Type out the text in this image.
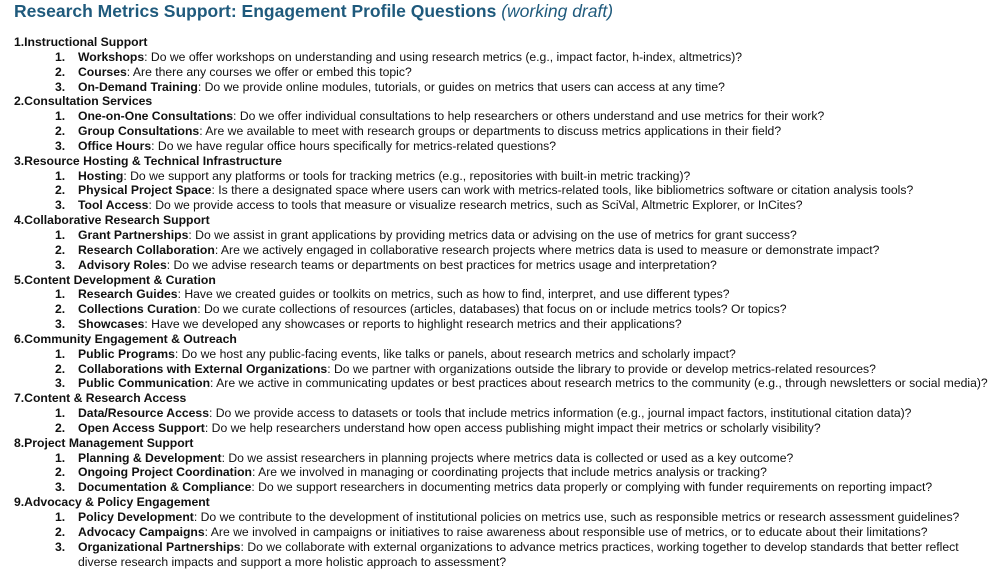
Research Metrics Support: Engagement Profile Questions (working draft)
1.Instructional Support
1. Workshops: Do we offer workshops on understanding and using research metrics (e.g., impact factor, h-index, altmetrics)?
2. Courses: Are there any courses we offer or embed this topic?
3. On-Demand Training: Do we provide online modules, tutorials, or guides on metrics that users can access at any time?
2.Consultation Services
1. One-on-One Consultations: Do we offer individual consultations to help researchers or others understand and use metrics for their work?
2. Group Consultations: Are we available to meet with research groups or departments to discuss metrics applications in their field?
3. Office Hours: Do we have regular office hours specifically for metrics-related questions?
3.Resource Hosting & Technical Infrastructure
1. Hosting: Do we support any platforms or tools for tracking metrics (e.g., repositories with built-in metric tracking)?
2. Physical Project Space: Is there a designated space where users can work with metrics-related tools, like bibliometrics software or citation analysis tools?
3. Tool Access: Do we provide access to tools that measure or visualize research metrics, such as SciVal, Altmetric Explorer, or InCites?
4.Collaborative Research Support
1. Grant Partnerships: Do we assist in grant applications by providing metrics data or advising on the use of metrics for grant success?
2. Research Collaboration: Are we actively engaged in collaborative research projects where metrics data is used to measure or demonstrate impact?
3. Advisory Roles: Do we advise research teams or departments on best practices for metrics usage and interpretation?
5.Content Development & Curation
1. Research Guides: Have we created guides or toolkits on metrics, such as how to find, interpret, and use different types?
2. Collections Curation: Do we curate collections of resources (articles, databases) that focus on or include metrics tools? Or topics?
3. Showcases: Have we developed any showcases or reports to highlight research metrics and their applications?
6.Community Engagement & Outreach
1. Public Programs: Do we host any public-facing events, like talks or panels, about research metrics and scholarly impact?
2. Collaborations with External Organizations: Do we partner with organizations outside the library to provide or develop metrics-related resources?
3. Public Communication: Are we active in communicating updates or best practices about research metrics to the community (e.g., through newsletters or social media)?
7.Content & Research Access
1. Data/Resource Access: Do we provide access to datasets or tools that include metrics information (e.g., journal impact factors, institutional citation data)?
2. Open Access Support: Do we help researchers understand how open access publishing might impact their metrics or scholarly visibility?
8.Project Management Support
1. Planning & Development: Do we assist researchers in planning projects where metrics data is collected or used as a key outcome?
2. Ongoing Project Coordination: Are we involved in managing or coordinating projects that include metrics analysis or tracking?
3. Documentation & Compliance: Do we support researchers in documenting metrics data properly or complying with funder requirements on reporting impact?
9.Advocacy & Policy Engagement
1. Policy Development: Do we contribute to the development of institutional policies on metrics use, such as responsible metrics or research assessment guidelines?
2. Advocacy Campaigns: Are we involved in campaigns or initiatives to raise awareness about responsible use of metrics, or to educate about their limitations?
3. Organizational Partnerships: Do we collaborate with external organizations to advance metrics practices, working together to develop standards that better reflect diverse research impacts and support a more holistic approach to assessment?
